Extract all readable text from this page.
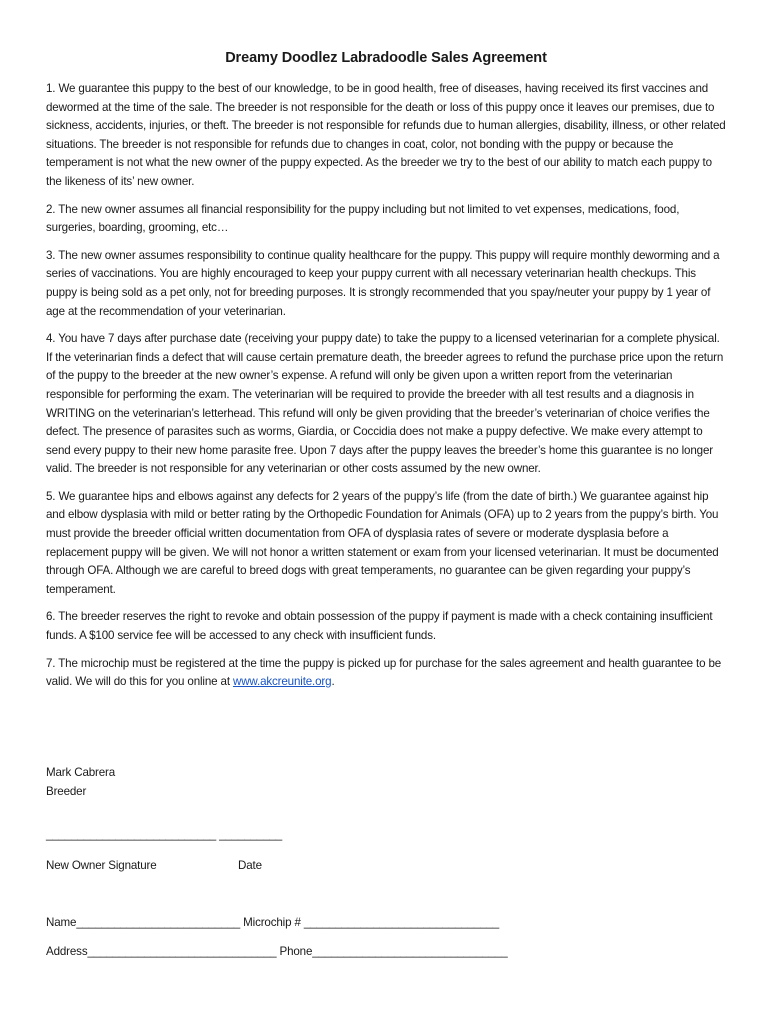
Dreamy Doodlez Labradoodle Sales Agreement

1. We guarantee this puppy to the best of our knowledge, to be in good health, free of diseases, having received its first vaccines and dewormed at the time of the sale. The breeder is not responsible for the death or loss of this puppy once it leaves our premises, due to sickness, accidents, injuries, or theft. The breeder is not responsible for refunds due to human allergies, disability, illness, or other related situations. The breeder is not responsible for refunds due to changes in coat, color, not bonding with the puppy or because the temperament is not what the new owner of the puppy expected. As the breeder we try to the best of our ability to match each puppy to the likeness of its’ new owner.

2. The new owner assumes all financial responsibility for the puppy including but not limited to vet expenses, medications, food, surgeries, boarding, grooming, etc…

3. The new owner assumes responsibility to continue quality healthcare for the puppy. This puppy will require monthly deworming and a series of vaccinations. You are highly encouraged to keep your puppy current with all necessary veterinarian health checkups. This puppy is being sold as a pet only, not for breeding purposes. It is strongly recommended that you spay/neuter your puppy by 1 year of age at the recommendation of your veterinarian.

4. You have 7 days after purchase date (receiving your puppy date) to take the puppy to a licensed veterinarian for a complete physical. If the veterinarian finds a defect that will cause certain premature death, the breeder agrees to refund the purchase price upon the return of the puppy to the breeder at the new owner’s expense. A refund will only be given upon a written report from the veterinarian responsible for performing the exam. The veterinarian will be required to provide the breeder with all test results and a diagnosis in WRITING on the veterinarian’s letterhead. This refund will only be given providing that the breeder’s veterinarian of choice verifies the defect. The presence of parasites such as worms, Giardia, or Coccidia does not make a puppy defective. We make every attempt to send every puppy to their new home parasite free. Upon 7 days after the puppy leaves the breeder’s home this guarantee is no longer valid. The breeder is not responsible for any veterinarian or other costs assumed by the new owner.

5. We guarantee hips and elbows against any defects for 2 years of the puppy’s life (from the date of birth.) We guarantee against hip and elbow dysplasia with mild or better rating by the Orthopedic Foundation for Animals (OFA) up to 2 years from the puppy’s birth. You must provide the breeder official written documentation from OFA of dysplasia rates of severe or moderate dysplasia before a replacement puppy will be given. We will not honor a written statement or exam from your licensed veterinarian. It must be documented through OFA. Although we are careful to breed dogs with great temperaments, no guarantee can be given regarding your puppy’s temperament.

6. The breeder reserves the right to revoke and obtain possession of the puppy if payment is made with a check containing insufficient funds. A $100 service fee will be accessed to any check with insufficient funds.

7. The microchip must be registered at the time the puppy is picked up for purchase for the sales agreement and health guarantee to be valid. We will do this for you online at www.akcreunite.org.

Mark Cabrera
Breeder
___________________________ __________
New Owner Signature	Date
Name__________________________ Microchip # _______________________________
Address______________________________ Phone_______________________________
